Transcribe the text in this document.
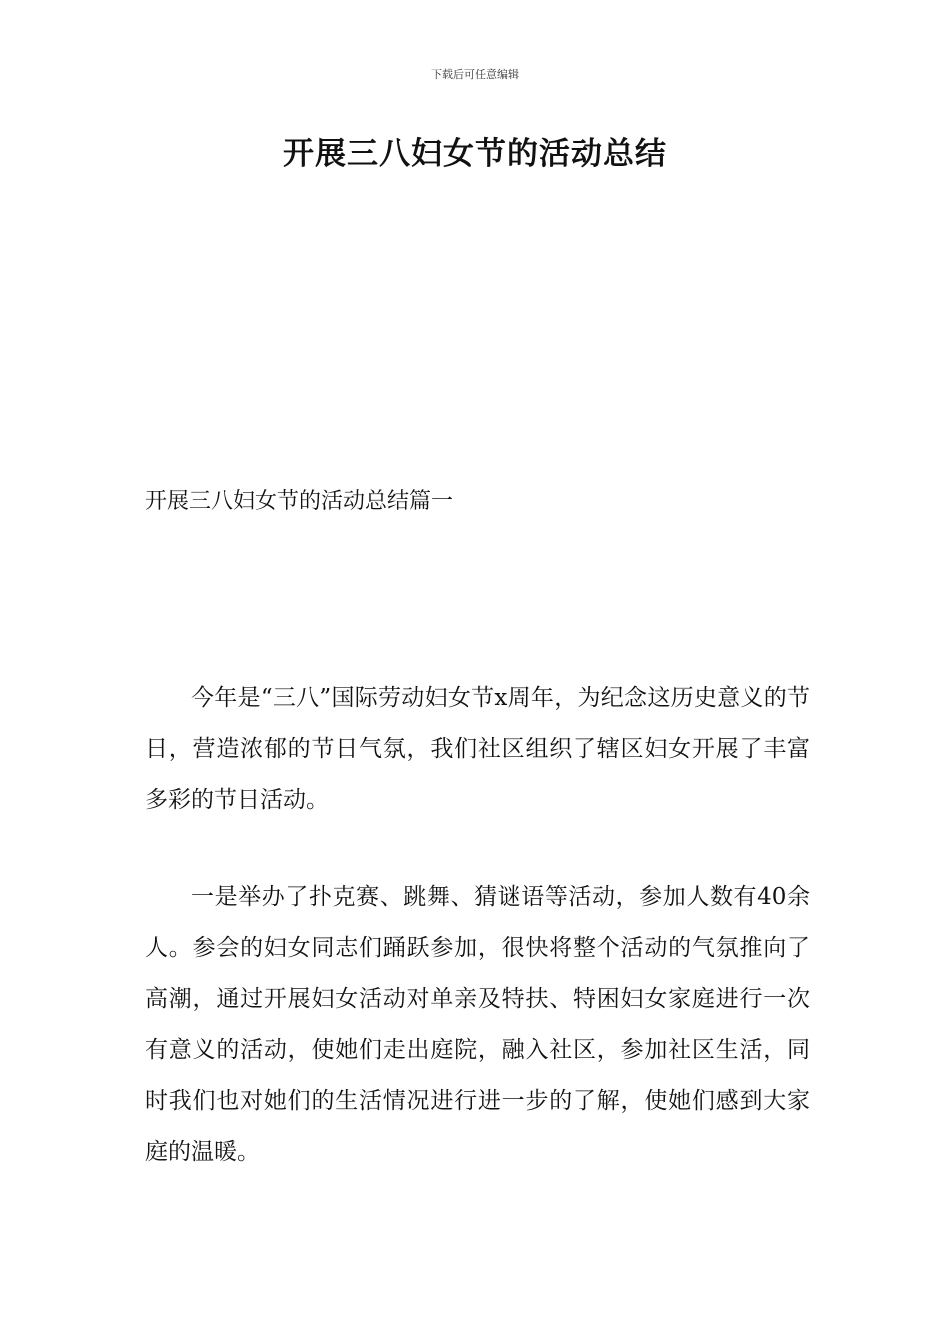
下载后可任意编辑
开展三八妇女节的活动总结
开展三八妇女节的活动总结篇一

今年是“三八”国际劳动妇女节x周年，为纪念这历史意义的节日，营造浓郁的节日气氛，我们社区组织了辖区妇女开展了丰富多彩的节日活动。

一是举办了扑克赛、跳舞、猜谜语等活动，参加人数有40余人。参会的妇女同志们踊跃参加，很快将整个活动的气氛推向了高潮，通过开展妇女活动对单亲及特扶、特困妇女家庭进行一次有意义的活动，使她们走出庭院，融入社区，参加社区生活，同时我们也对她们的生活情况进行进一步的了解，使她们感到大家庭的温暖。
